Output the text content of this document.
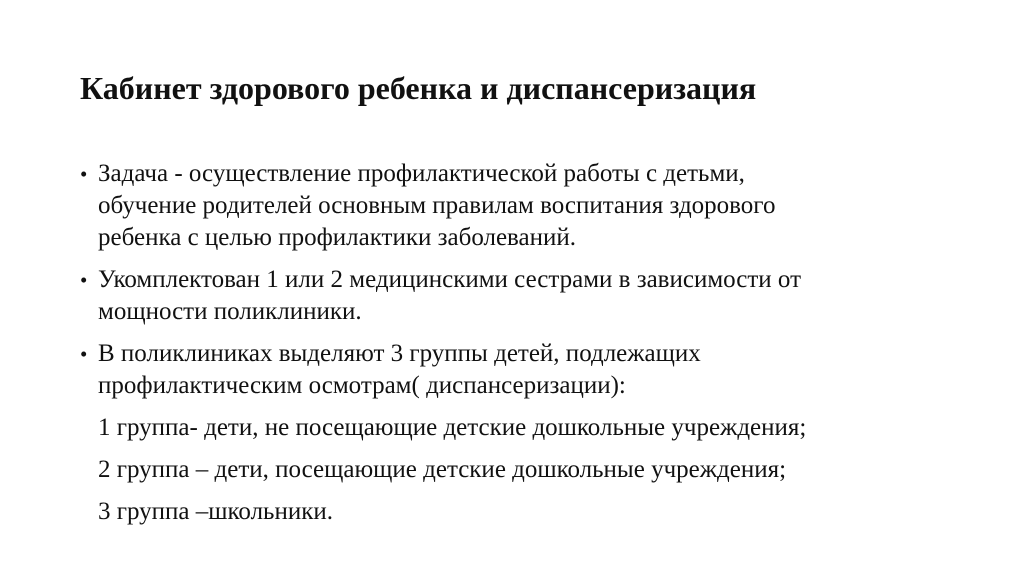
Кабинет здорового ребенка и диспансеризация
• Задача - осуществление профилактической работы с детьми,
обучение родителей основным правилам воспитания здорового
ребенка с целью профилактики заболеваний.
• Укомплектован 1 или 2 медицинскими сестрами в зависимости от
мощности поликлиники.
• В поликлиниках выделяют 3 группы детей, подлежащих
профилактическим осмотрам( диспансеризации):
1 группа- дети, не посещающие детские дошкольные учреждения;
2 группа – дети, посещающие детские дошкольные учреждения;
3 группа –школьники.
